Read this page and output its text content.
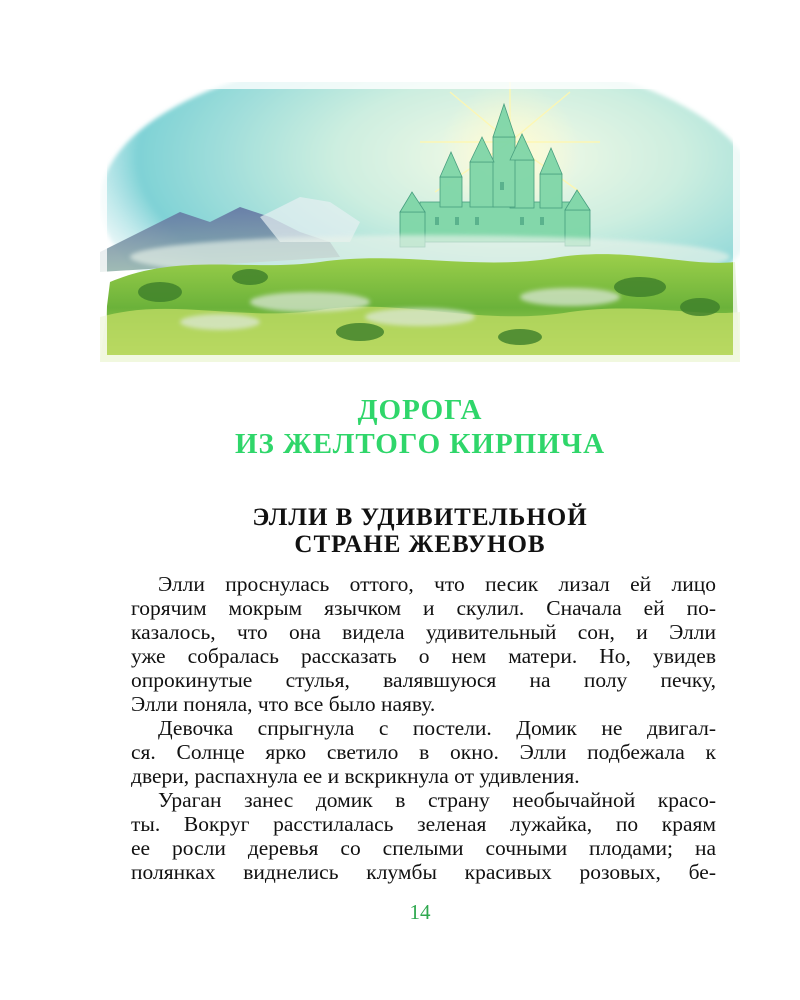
ДОРОГА
ИЗ ЖЕЛТОГО КИРПИЧА
ЭЛЛИ В УДИВИТЕЛЬНОЙ
СТРАНЕ ЖЕВУНОВ
Элли проснулась оттого, что песик лизал ей лицо
горячим мокрым язычком и скулил. Сначала ей по-
казалось, что она видела удивительный сон, и Элли
уже собралась рассказать о нем матери. Но, увидев
опрокинутые стулья, валявшуюся на полу печку,
Элли поняла, что все было наяву.
Девочка спрыгнула с постели. Домик не двигал-
ся. Солнце ярко светило в окно. Элли подбежала к
двери, распахнула ее и вскрикнула от удивления.
Ураган занес домик в страну необычайной красо-
ты. Вокруг расстилалась зеленая лужайка, по краям
ее росли деревья со спелыми сочными плодами; на
полянках виднелись клумбы красивых розовых, бе-
14
